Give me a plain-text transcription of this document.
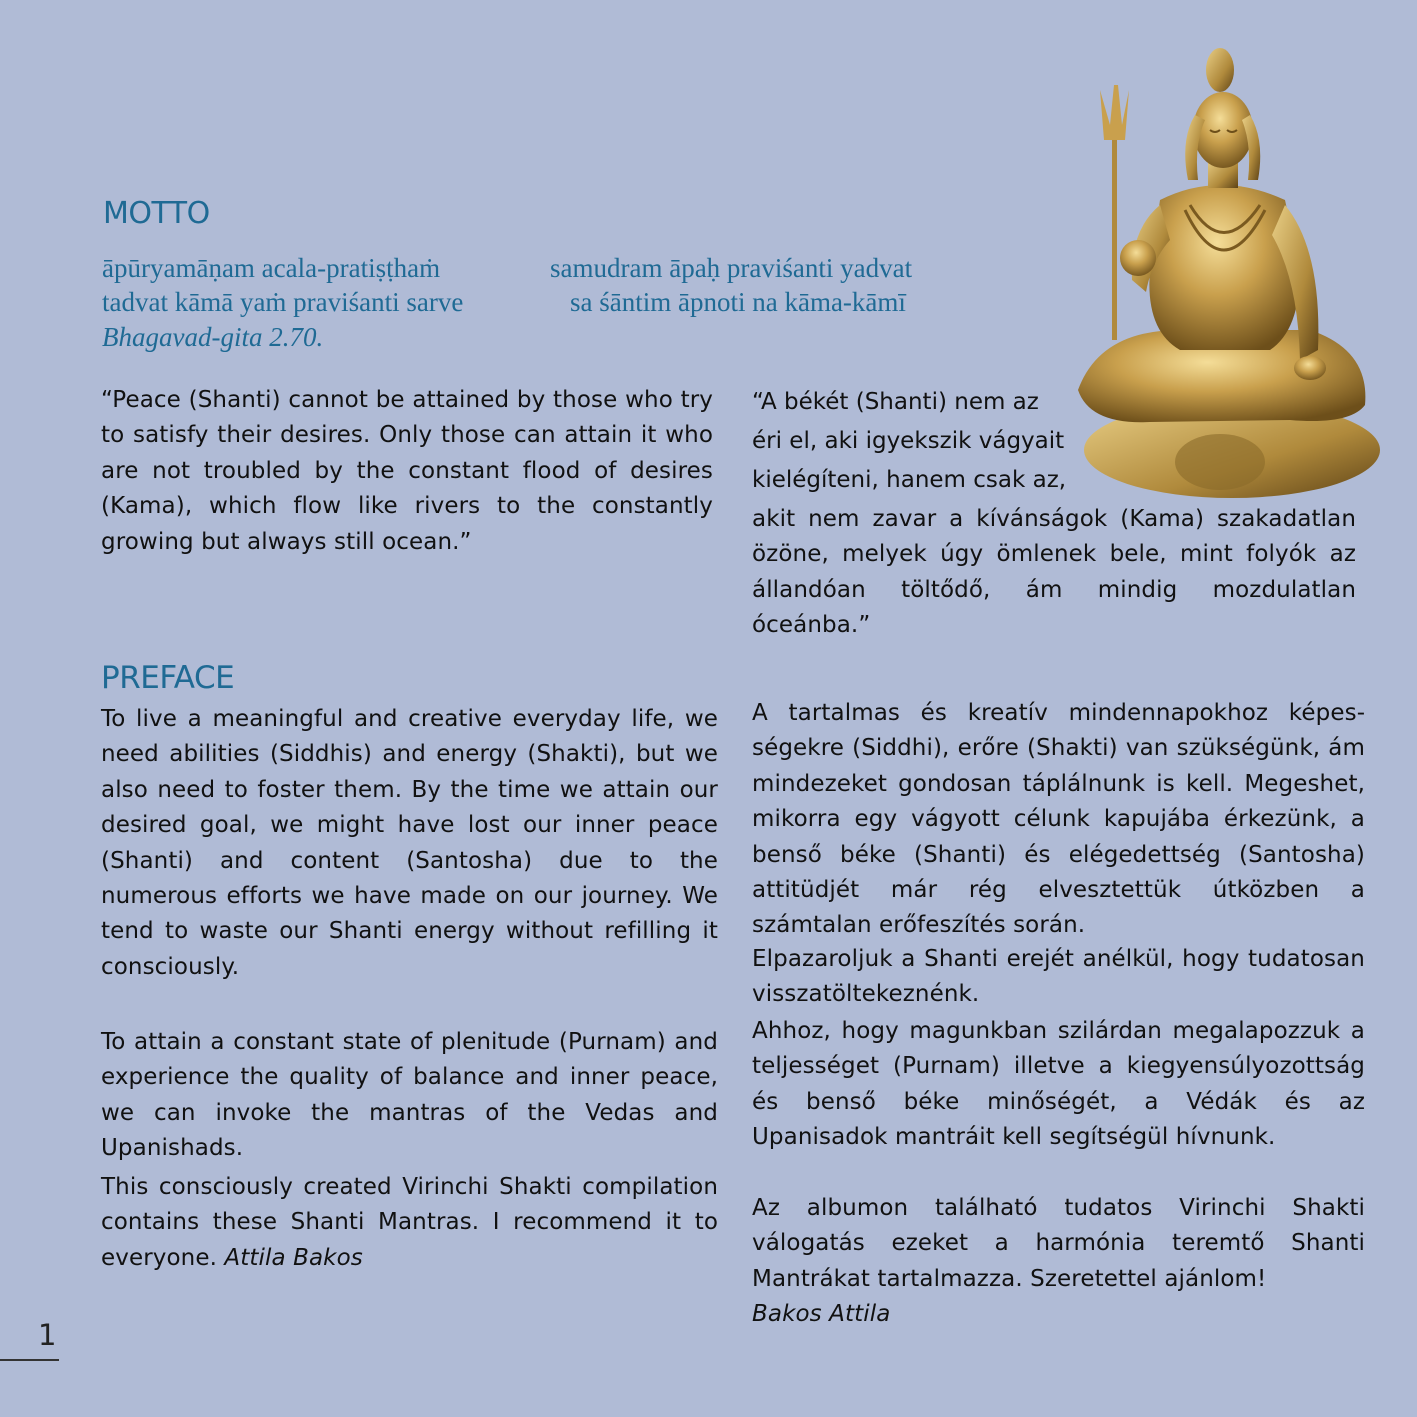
MOTTO
āpūryamāṇam acala-pratiṣṭhaṁ	samudram āpaḥ praviśanti yadvat
tadvat kāmā yaṁ praviśanti sarve	sa śāntim āpnoti na kāma-kāmī
Bhagavad-gita 2.70.

“Peace (Shanti) cannot be attained by those who try to satisfy their desires. Only those can attain it who are not troubled by the constant flood of desires (Kama), which flow like rivers to the constantly growing but always still ocean.”

“A békét (Shanti) nem az
éri el, aki igyekszik vágyait
kielégíteni, hanem csak az,

akit nem zavar a kívánságok (Kama) szakadatlan özöne, melyek úgy ömlenek bele, mint folyók az állandóan töltődő, ám mindig mozdulatlan óceánba.”

PREFACE

To live a meaningful and creative everyday life, we need abilities (Siddhis) and energy (Shakti), but we also need to foster them. By the time we attain our desired goal, we might have lost our inner peace (Shanti) and content (Santosha) due to the numerous efforts we have made on our journey. We tend to waste our Shanti energy without refilling it consciously.

To attain a constant state of plenitude (Purnam) and experience the quality of balance and inner peace, we can invoke the mantras of the Vedas and Upanishads.

This consciously created Virinchi Shakti compilation contains these Shanti Mantras. I recommend it to everyone. Attila Bakos

A tartalmas és kreatív mindennapokhoz képességekre (Siddhi), erőre (Shakti) van szükségünk, ám mindezeket gondosan táplálnunk is kell. Megeshet, mikorra egy vágyott célunk kapujába érkezünk, a benső béke (Shanti) és elégedettség (Santosha) attitüdjét már rég elvesztettük útközben a számtalan erőfeszítés során.

Elpazaroljuk a Shanti erejét anélkül, hogy tudatosan visszatöltekeznénk.

Ahhoz, hogy magunkban szilárdan megalapozzuk a teljességet (Purnam) illetve a kiegyensúlyozottság és benső béke minőségét, a Védák és az Upanisadok mantráit kell segítségül hívnunk.

Az albumon található tudatos Virinchi Shakti válogatás ezeket a harmónia teremtő Shanti Mantrákat tartalmazza. Szeretettel ajánlom!
Bakos Attila

1
